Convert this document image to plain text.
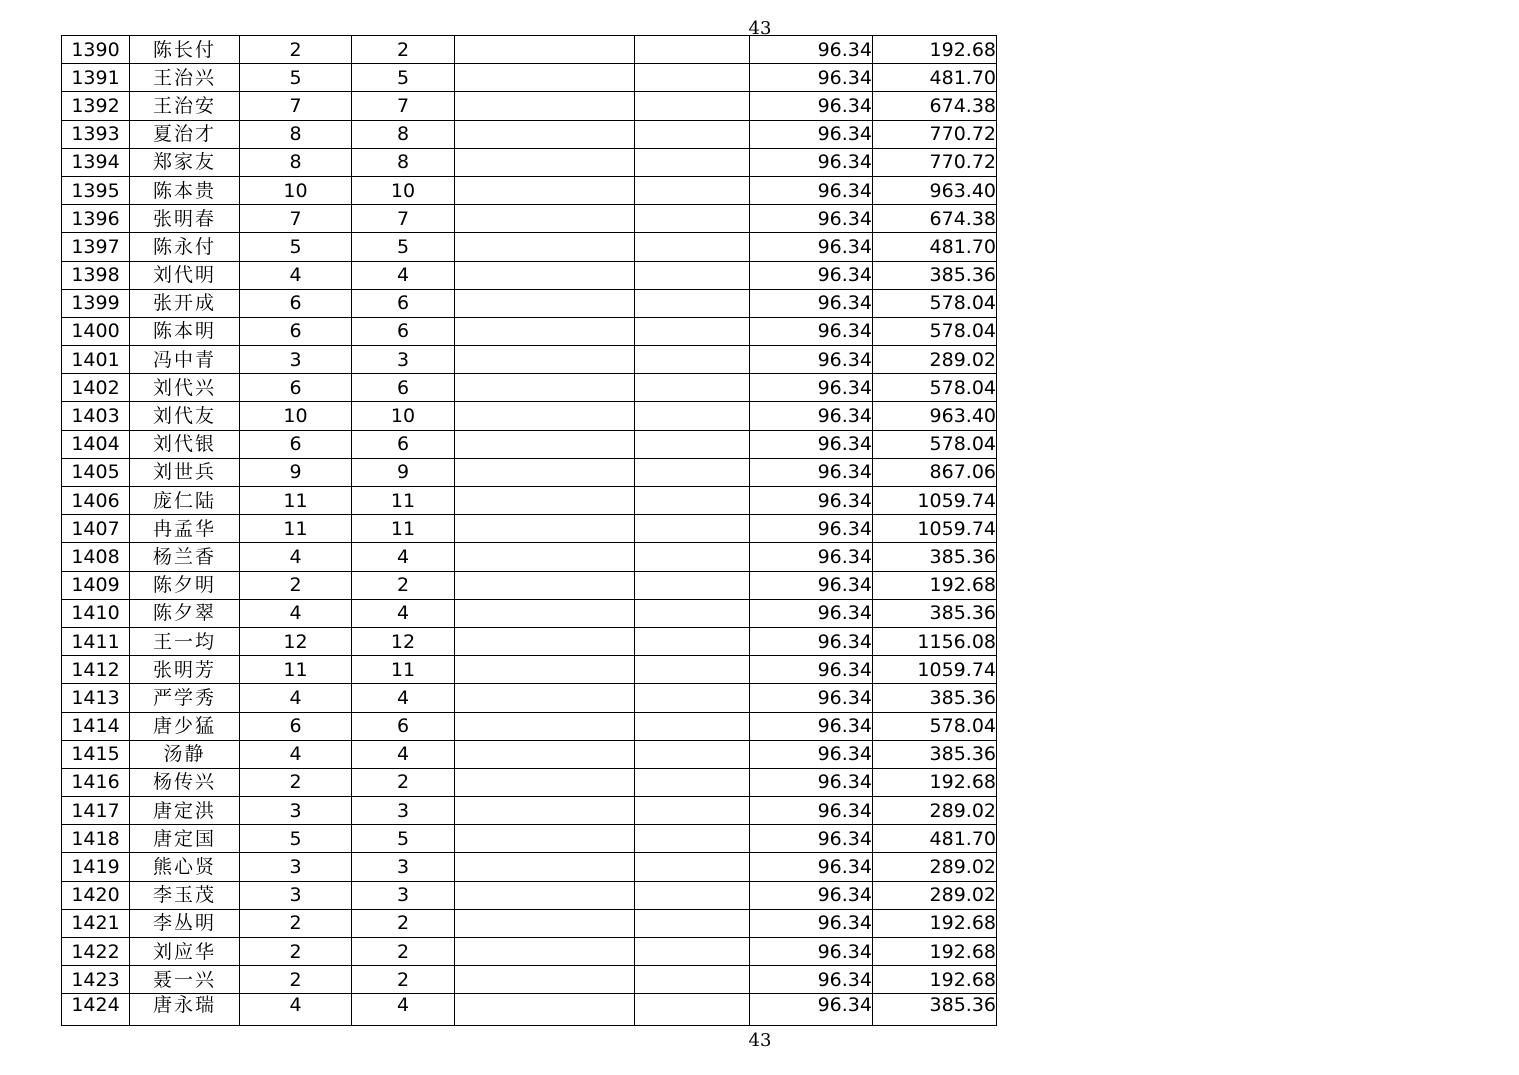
43
1390	陈长付	2	2			96.34	192.68
1391	王治兴	5	5			96.34	481.70
1392	王治安	7	7			96.34	674.38
1393	夏治才	8	8			96.34	770.72
1394	郑家友	8	8			96.34	770.72
1395	陈本贵	10	10			96.34	963.40
1396	张明春	7	7			96.34	674.38
1397	陈永付	5	5			96.34	481.70
1398	刘代明	4	4			96.34	385.36
1399	张开成	6	6			96.34	578.04
1400	陈本明	6	6			96.34	578.04
1401	冯中青	3	3			96.34	289.02
1402	刘代兴	6	6			96.34	578.04
1403	刘代友	10	10			96.34	963.40
1404	刘代银	6	6			96.34	578.04
1405	刘世兵	9	9			96.34	867.06
1406	庞仁陆	11	11			96.34	1059.74
1407	冉孟华	11	11			96.34	1059.74
1408	杨兰香	4	4			96.34	385.36
1409	陈夕明	2	2			96.34	192.68
1410	陈夕翠	4	4			96.34	385.36
1411	王一均	12	12			96.34	1156.08
1412	张明芳	11	11			96.34	1059.74
1413	严学秀	4	4			96.34	385.36
1414	唐少猛	6	6			96.34	578.04
1415	汤静	4	4			96.34	385.36
1416	杨传兴	2	2			96.34	192.68
1417	唐定洪	3	3			96.34	289.02
1418	唐定国	5	5			96.34	481.70
1419	熊心贤	3	3			96.34	289.02
1420	李玉茂	3	3			96.34	289.02
1421	李丛明	2	2			96.34	192.68
1422	刘应华	2	2			96.34	192.68
1423	聂一兴	2	2			96.34	192.68
1424	唐永瑞	4	4			96.34	385.36
43
